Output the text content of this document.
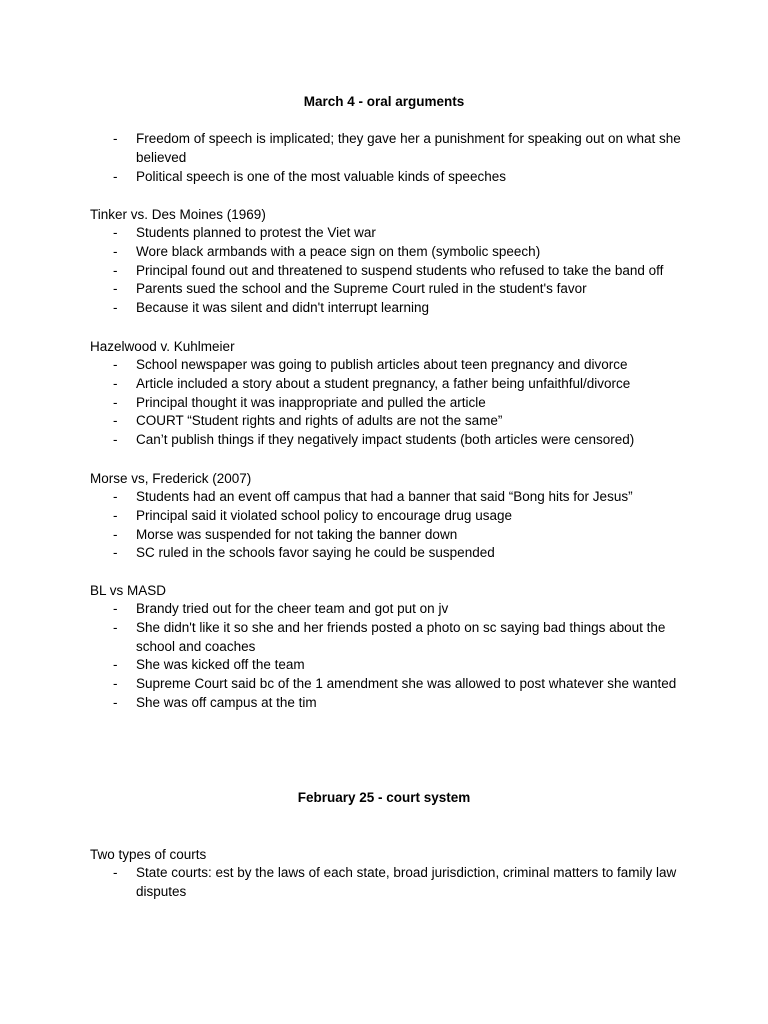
March 4 - oral arguments
- Freedom of speech is implicated; they gave her a punishment for speaking out on what she believed
- Political speech is one of the most valuable kinds of speeches
Tinker vs. Des Moines (1969)
- Students planned to protest the Viet war
- Wore black armbands with a peace sign on them (symbolic speech)
- Principal found out and threatened to suspend students who refused to take the band off
- Parents sued the school and the Supreme Court ruled in the student's favor
- Because it was silent and didn't interrupt learning
Hazelwood v. Kuhlmeier
- School newspaper was going to publish articles about teen pregnancy and divorce
- Article included a story about a student pregnancy, a father being unfaithful/divorce
- Principal thought it was inappropriate and pulled the article
- COURT “Student rights and rights of adults are not the same”
- Can’t publish things if they negatively impact students (both articles were censored)
Morse vs, Frederick (2007)
- Students had an event off campus that had a banner that said “Bong hits for Jesus”
- Principal said it violated school policy to encourage drug usage
- Morse was suspended for not taking the banner down
- SC ruled in the schools favor saying he could be suspended
BL vs MASD
- Brandy tried out for the cheer team and got put on jv
- She didn't like it so she and her friends posted a photo on sc saying bad things about the school and coaches
- She was kicked off the team
- Supreme Court said bc of the 1 amendment she was allowed to post whatever she wanted
- She was off campus at the tim
February 25 - court system
Two types of courts
- State courts: est by the laws of each state, broad jurisdiction, criminal matters to family law disputes
